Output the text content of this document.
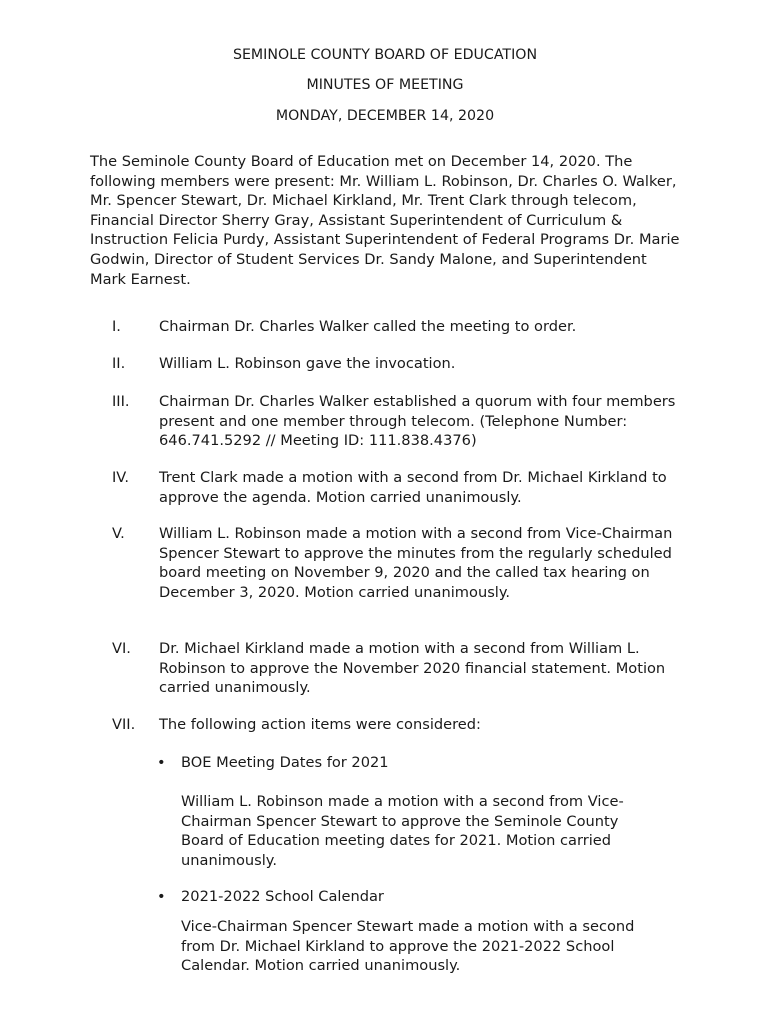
SEMINOLE COUNTY BOARD OF EDUCATION
MINUTES OF MEETING
MONDAY, DECEMBER 14, 2020

The Seminole County Board of Education met on December 14, 2020. The following members were present: Mr. William L. Robinson, Dr. Charles O. Walker, Mr. Spencer Stewart, Dr. Michael Kirkland, Mr. Trent Clark through telecom, Financial Director Sherry Gray, Assistant Superintendent of Curriculum & Instruction Felicia Purdy, Assistant Superintendent of Federal Programs Dr. Marie Godwin, Director of Student Services Dr. Sandy Malone, and Superintendent Mark Earnest.

I.	Chairman Dr. Charles Walker called the meeting to order.
II. William L. Robinson gave the invocation.
III. Chairman Dr. Charles Walker established a quorum with four members present and one member through telecom. (Telephone Number: 646.741.5292 // Meeting ID: 111.838.4376)
IV. Trent Clark made a motion with a second from Dr. Michael Kirkland to approve the agenda. Motion carried unanimously.
V. William L. Robinson made a motion with a second from Vice-Chairman Spencer Stewart to approve the minutes from the regularly scheduled board meeting on November 9, 2020 and the called tax hearing on December 3, 2020. Motion carried unanimously.
VI. Dr. Michael Kirkland made a motion with a second from William L. Robinson to approve the November 2020 financial statement. Motion carried unanimously.
VII. The following action items were considered:
• BOE Meeting Dates for 2021

William L. Robinson made a motion with a second from Vice-Chairman Spencer Stewart to approve the Seminole County Board of Education meeting dates for 2021. Motion carried unanimously.

• 2021-2022 School Calendar

Vice-Chairman Spencer Stewart made a motion with a second from Dr. Michael Kirkland to approve the 2021-2022 School Calendar. Motion carried unanimously.
